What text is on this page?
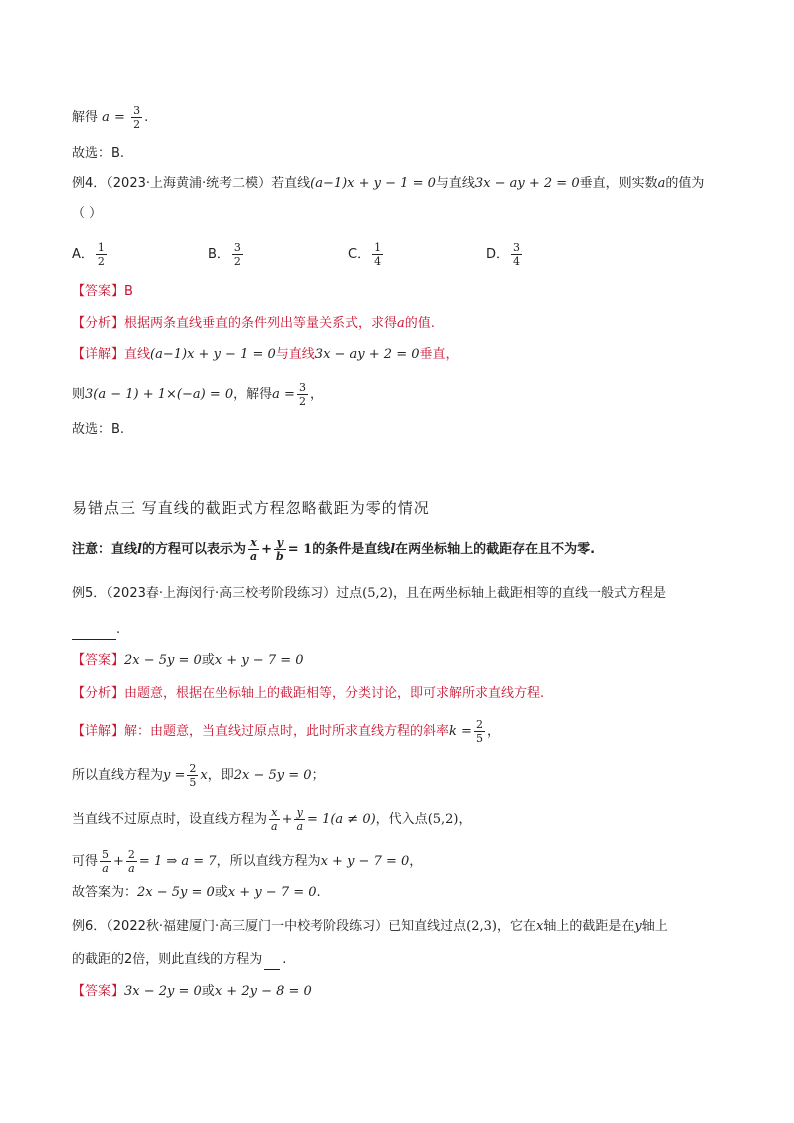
解得 $a = \frac{3}{2}$ .
故选：B.
例4．（2023·上海黄浦·统考二模）若直线(a−1)x + y − 1 = 0与直线3x − ay + 2 = 0垂直，则实数a的值为
（ ）
A． $\frac{1}{2}$	B． $\frac{3}{2}$	C． $\frac{1}{4}$	D． $\frac{3}{4}$
【答案】B
【分析】根据两条直线垂直的条件列出等量关系式，求得a的值.
【详解】直线(a−1)x + y − 1 = 0与直线3x − ay + 2 = 0垂直，
则3(a − 1) + 1×(−a) = 0，解得$a = \frac{3}{2}$ ，
故选：B.
易错点三 写直线的截距式方程忽略截距为零的情况
注意：直线l的方程可以表示为 $\frac{x}{a} + \frac{y}{b} = 1$的条件是直线l在两坐标轴上的截距存在且不为零.
例5．（2023春·上海闵行·高三校考阶段练习）过点(5,2)，且在两坐标轴上截距相等的直线一般式方程是
.
【答案】2x − 5y = 0或x + y − 7 = 0
【分析】由题意，根据在坐标轴上的截距相等，分类讨论，即可求解所求直线方程.
【详解】解：由题意，当直线过原点时，此时所求直线方程的斜率$k = \frac{2}{5}$ ，
所以直线方程为$y = \frac{2}{5}$ x，即2x − 5y = 0；
当直线不过原点时，设直线方程为 $\frac{x}{a} + \frac{y}{a} = 1(a \ne 0)$，代入点(5,2)，
可得 $\frac{5}{a} + \frac{2}{a} = 1$ ⇒ a = 7，所以直线方程为x + y − 7 = 0，
故答案为：2x − 5y = 0或x + y − 7 = 0.
例6．（2022秋·福建厦门·高三厦门一中校考阶段练习）已知直线过点(2,3)，它在x轴上的截距是在y轴上
的截距的2倍，则此直线的方程为 .
【答案】3x − 2y = 0或x + 2y − 8 = 0
